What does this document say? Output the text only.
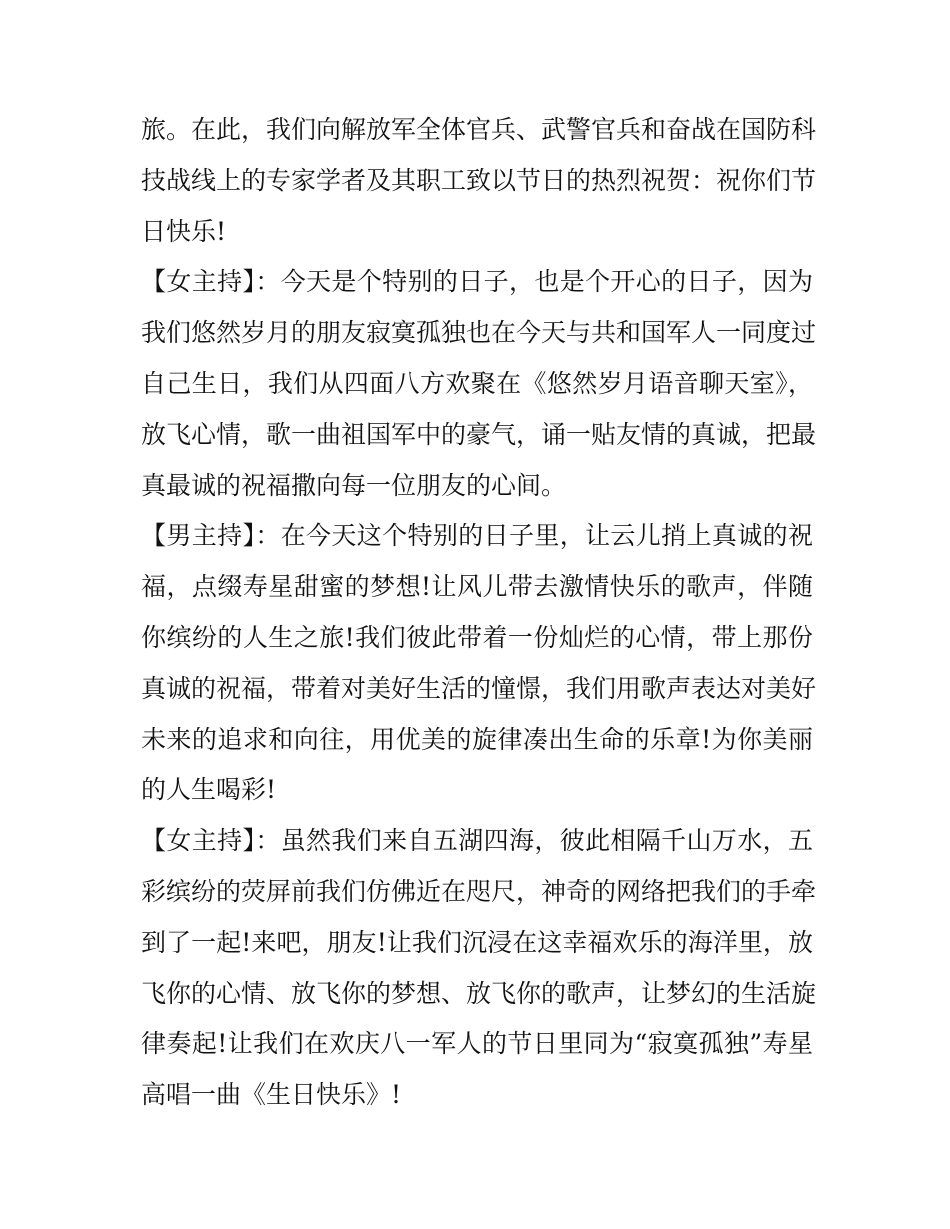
旅。在此，我们向解放军全体官兵、武警官兵和奋战在国防科
技战线上的专家学者及其职工致以节日的热烈祝贺：祝你们节
日快乐!
【女主持】：今天是个特别的日子，也是个开心的日子，因为
我们悠然岁月的朋友寂寞孤独也在今天与共和国军人一同度过
自己生日，我们从四面八方欢聚在《悠然岁月语音聊天室》，
放飞心情，歌一曲祖国军中的豪气，诵一贴友情的真诚，把最
真最诚的祝福撒向每一位朋友的心间。
【男主持】：在今天这个特别的日子里，让云儿捎上真诚的祝
福，点缀寿星甜蜜的梦想!让风儿带去激情快乐的歌声，伴随
你缤纷的人生之旅!我们彼此带着一份灿烂的心情，带上那份
真诚的祝福，带着对美好生活的憧憬，我们用歌声表达对美好
未来的追求和向往，用优美的旋律凑出生命的乐章!为你美丽
的人生喝彩!
【女主持】：虽然我们来自五湖四海，彼此相隔千山万水，五
彩缤纷的荧屏前我们仿佛近在咫尺，神奇的网络把我们的手牵
到了一起!来吧，朋友!让我们沉浸在这幸福欢乐的海洋里，放
飞你的心情、放飞你的梦想、放飞你的歌声，让梦幻的生活旋
律奏起!让我们在欢庆八一军人的节日里同为“寂寞孤独”寿星
高唱一曲《生日快乐》!
